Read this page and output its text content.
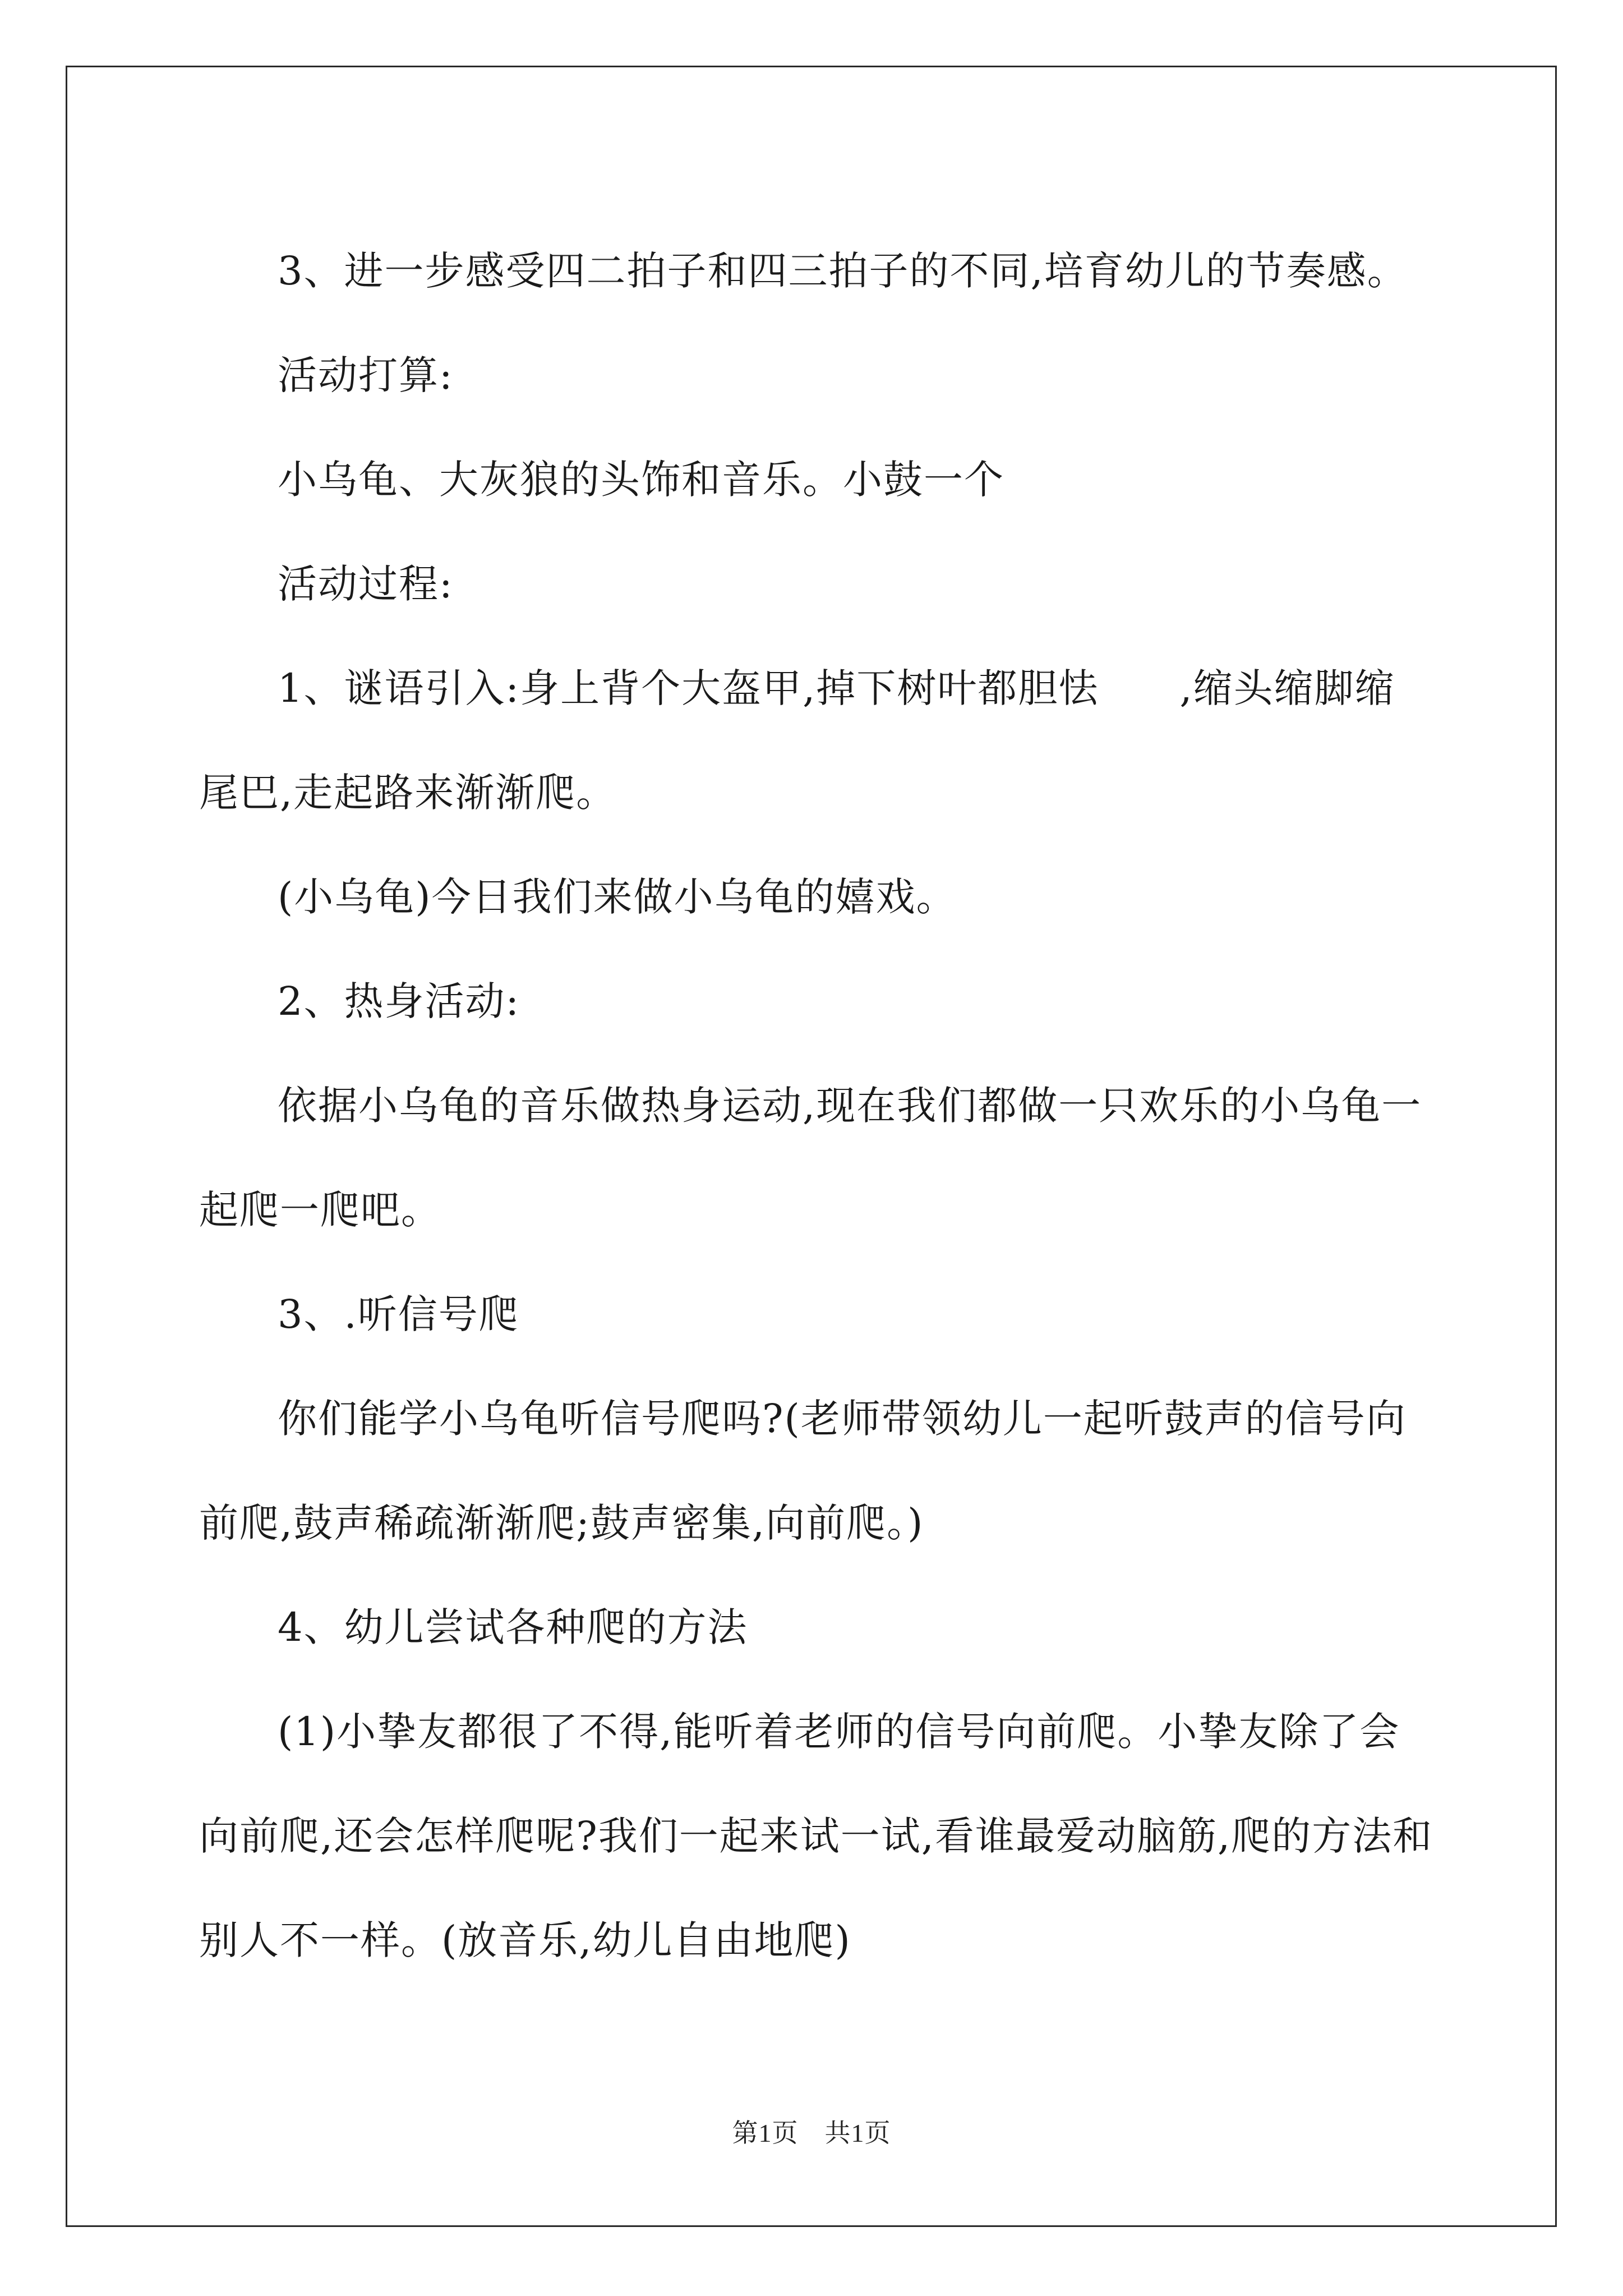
3、进一步感受四二拍子和四三拍子的不同,培育幼儿的节奏感。

活动打算:

小乌龟、大灰狼的头饰和音乐。小鼓一个

活动过程:

1、谜语引入:身上背个大盔甲,掉下树叶都胆怯　　,缩头缩脚缩尾巴,走起路来渐渐爬。

(小乌龟)今日我们来做小乌龟的嬉戏。

2、热身活动:

依据小乌龟的音乐做热身运动,现在我们都做一只欢乐的小乌龟一起爬一爬吧。

3、.听信号爬

你们能学小乌龟听信号爬吗?(老师带领幼儿一起听鼓声的信号向前爬,鼓声稀疏渐渐爬;鼓声密集,向前爬。)

4、幼儿尝试各种爬的方法

(1)小挚友都很了不得,能听着老师的信号向前爬。小挚友除了会向前爬,还会怎样爬呢?我们一起来试一试,看谁最爱动脑筋,爬的方法和别人不一样。(放音乐,幼儿自由地爬)

第1页　共1页
